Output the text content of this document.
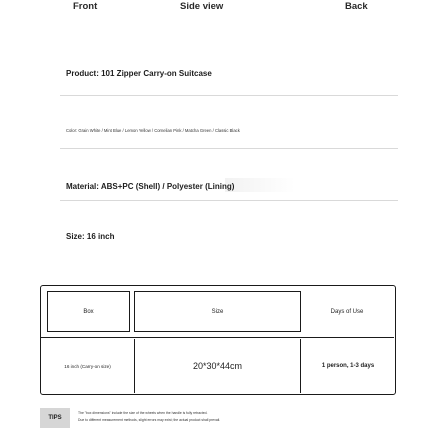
Front	Side view	Back
Product: 101 Zipper Carry-on Suitcase
Color: Grain White / Mint Blue / Lemon Yellow / Cornelian Pink / Matcha Green / Classic Black
Material: ABS+PC (Shell) / Polyester (Lining)
Size: 16 inch
Box	Size	Days of Use
16 inch (Carry-on size)	20*30*44cm	1 person, 1-3 days
TIPS
The "box dimensions" include the size of the wheels when the handle is fully retracted.
Due to different measurement methods, slight errors may exist; the actual product shall prevail.
